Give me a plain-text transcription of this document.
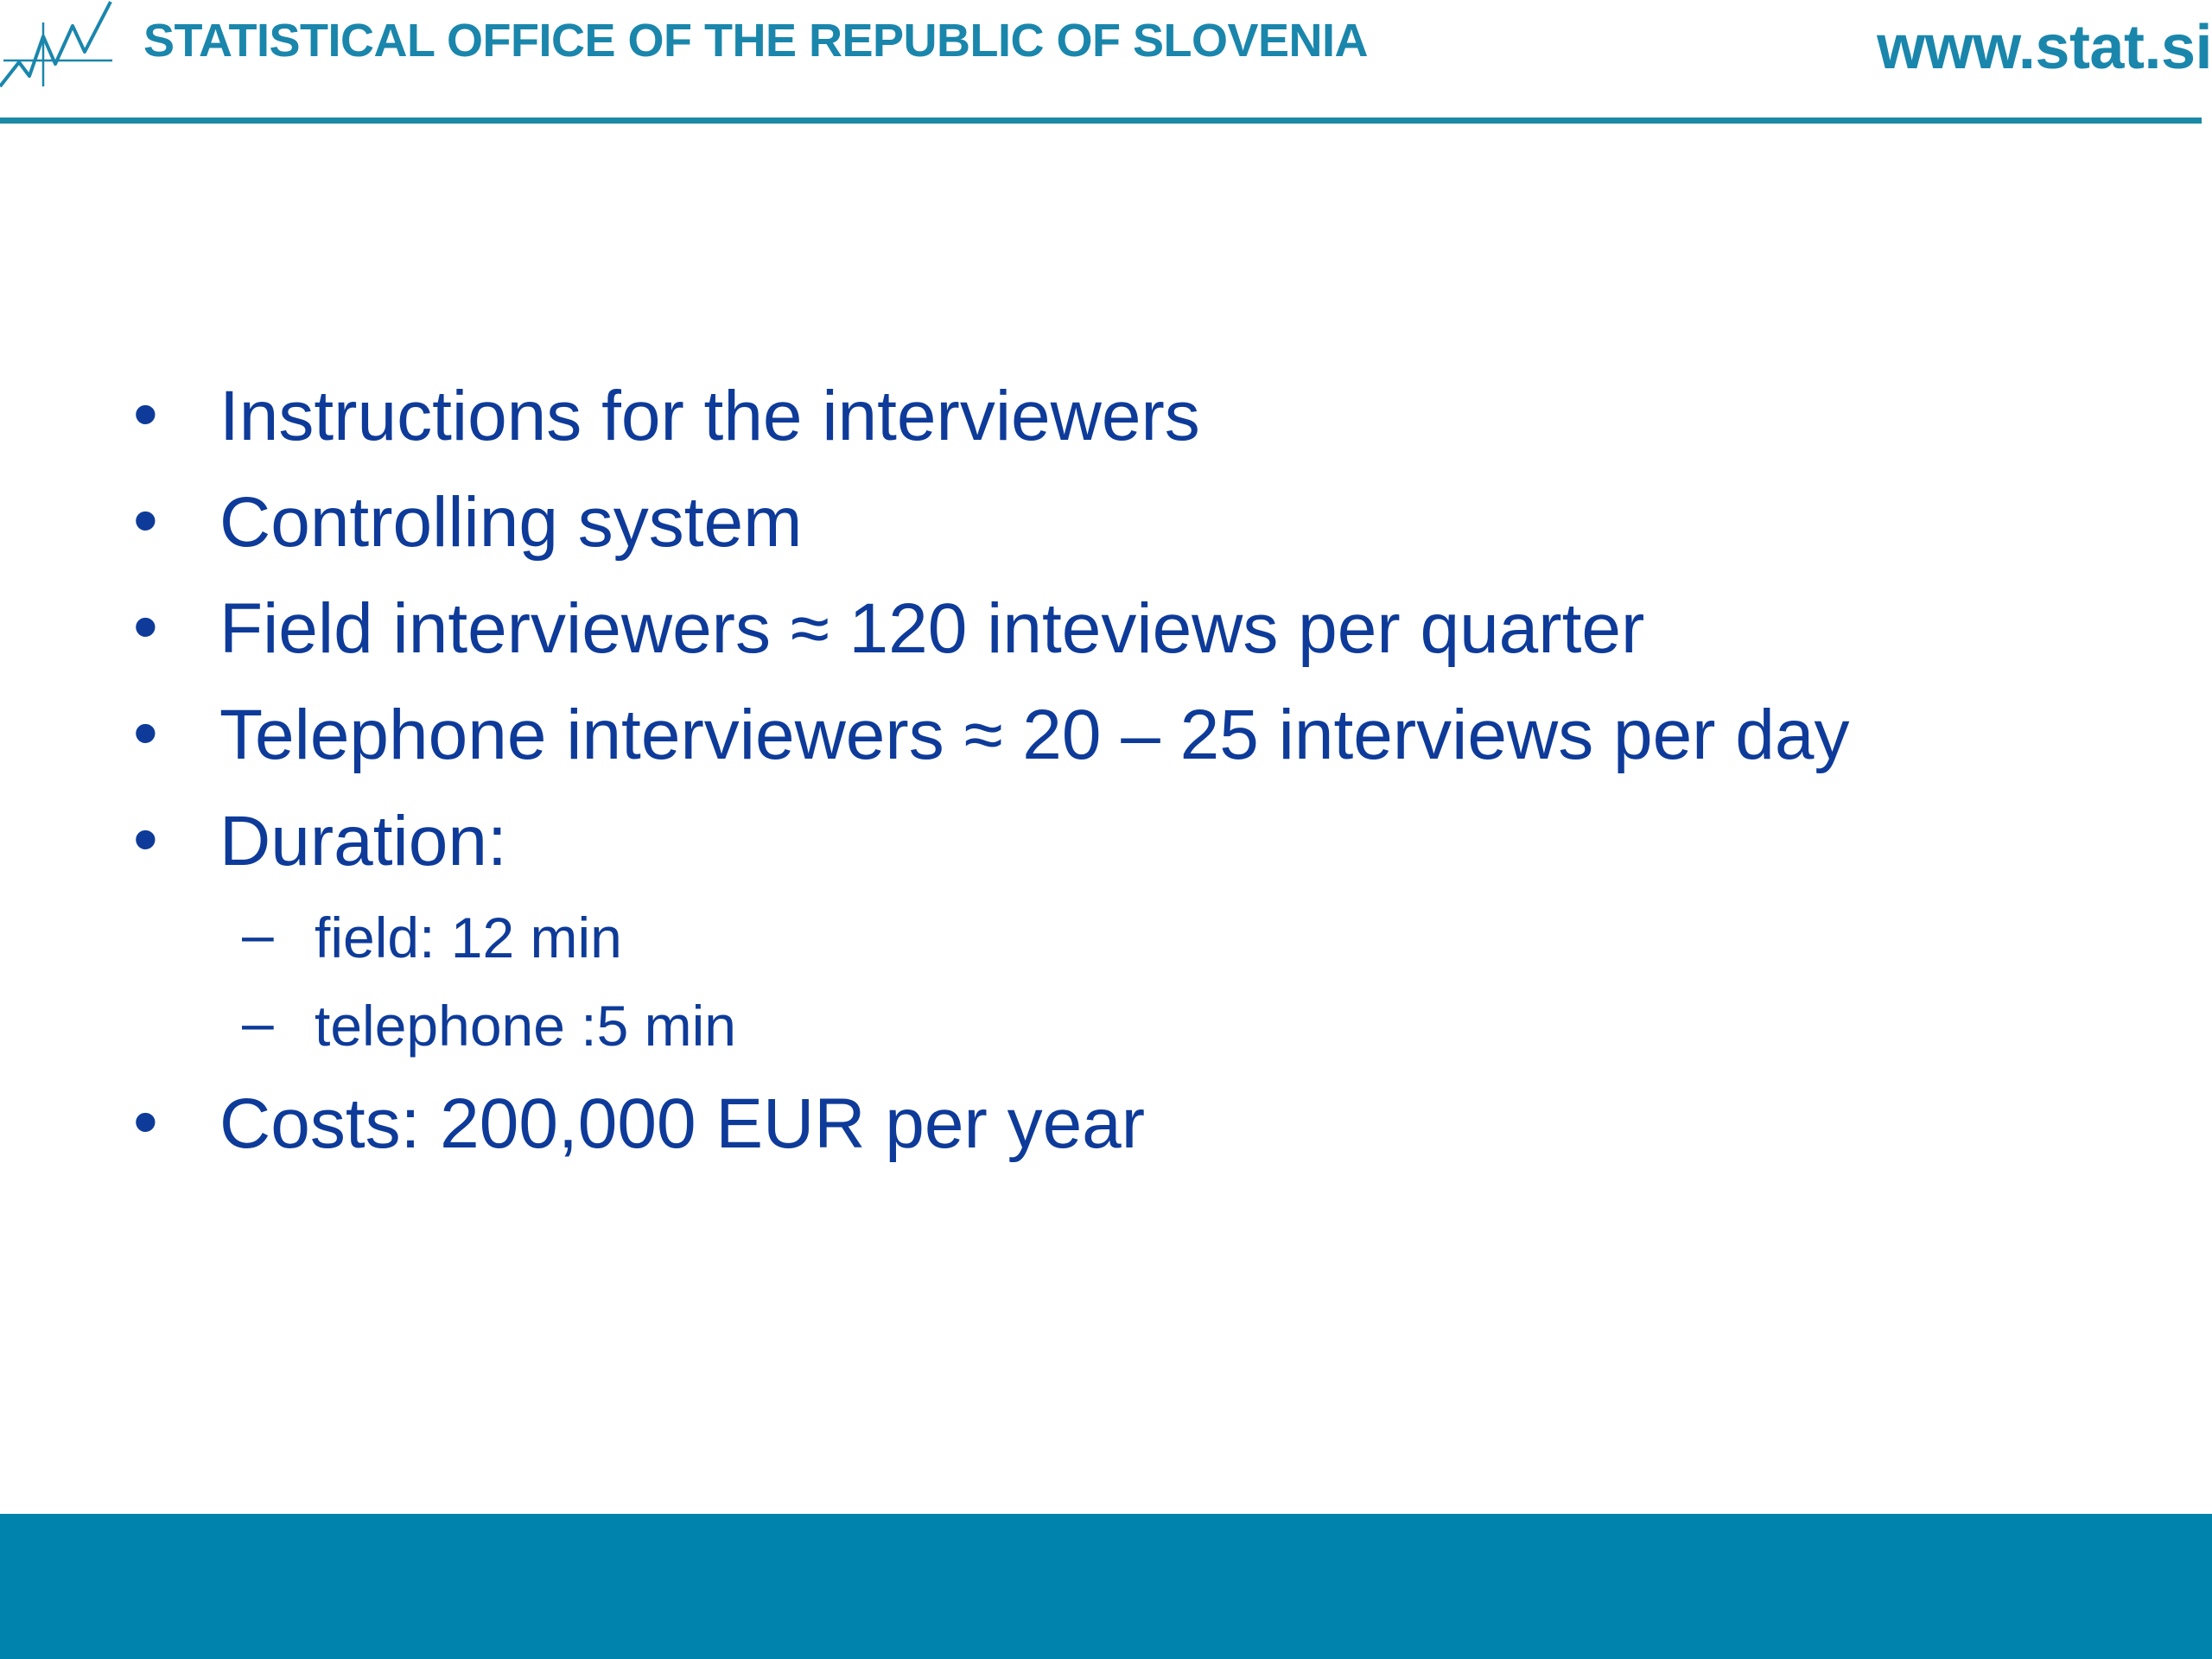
STATISTICAL OFFICE OF THE REPUBLIC OF SLOVENIA	www.stat.si
• Instructions for the interviewers
• Controlling system
• Field interviewers ≈ 120 inteviews per quarter
• Telephone interviewers ≈ 20 – 25 interviews per day
• Duration:
– field: 12 min
– telephone :5 min
• Costs: 200,000 EUR per year
